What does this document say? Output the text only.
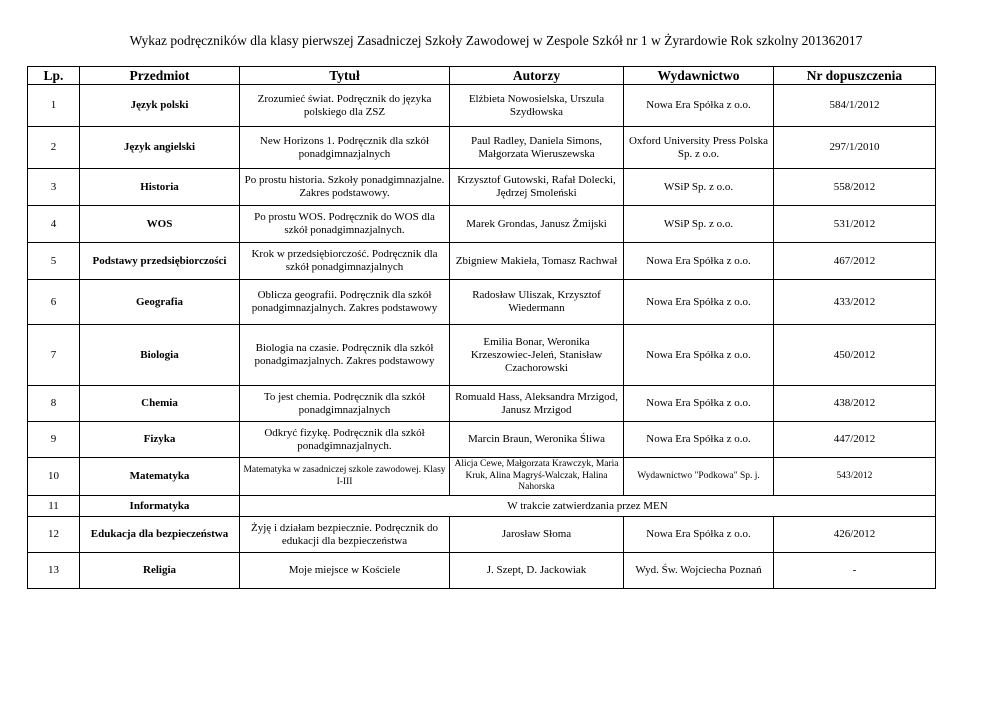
Wykaz podręczników dla klasy pierwszej Zasadniczej Szkoły Zawodowej w Zespole Szkół nr 1 w Żyrardowie Rok szkolny 201362017
Lp.	Przedmiot	Tytuł	Autorzy	Wydawnictwo	Nr dopuszczenia
1	Język polski	Zrozumieć świat. Podręcznik do języka polskiego dla ZSZ	Elżbieta Nowosielska, Urszula Szydłowska	Nowa Era Spółka z o.o.	584/1/2012
2	Język angielski	New Horizons 1. Podręcznik dla szkół ponadgimnazjalnych	Paul Radley, Daniela Simons, Małgorzata Wieruszewska	Oxford University Press Polska Sp. z o.o.	297/1/2010
3	Historia	Po prostu historia. Szkoły ponadgimnazjalne. Zakres podstawowy.	Krzysztof Gutowski, Rafał Dolecki, Jędrzej Smoleński	WSiP Sp. z o.o.	558/2012
4	WOS	Po prostu WOS. Podręcznik do WOS dla szkół ponadgimnazjalnych.	Marek Grondas, Janusz Żmijski	WSiP Sp. z o.o.	531/2012
5	Podstawy przedsiębiorczości	Krok w przedsiębiorczość. Podręcznik dla szkół ponadgimnazjalnych	Zbigniew Makieła, Tomasz Rachwał	Nowa Era Spółka z o.o.	467/2012
6	Geografia	Oblicza geografii. Podręcznik dla szkół ponadgimnazjalnych. Zakres podstawowy	Radosław Uliszak, Krzysztof Wiedermann	Nowa Era Spółka z o.o.	433/2012
7	Biologia	Biologia na czasie. Podręcznik dla szkół ponadgimazjalnych. Zakres podstawowy	Emilia Bonar, Weronika Krzeszowiec-Jeleń, Stanisław Czachorowski	Nowa Era Spółka z o.o.	450/2012
8	Chemia	To jest chemia. Podręcznik dla szkół ponadgimnazjalnych	Romuald Hass, Aleksandra Mrzigod, Janusz Mrzigod	Nowa Era Spółka z o.o.	438/2012
9	Fizyka	Odkryć fizykę. Podręcznik dla szkół ponadgimnazjalnych.	Marcin Braun, Weronika Śliwa	Nowa Era Spółka z o.o.	447/2012
10	Matematyka	Matematyka w zasadniczej szkole zawodowej. Klasy I-III	Alicja Cewe, Małgorzata Krawczyk, Maria Kruk, Alina Magryś-Walczak, Halina Nahorska	Wydawnictwo "Podkowa" Sp. j.	543/2012
11	Informatyka	W trakcie zatwierdzania przez MEN			
12	Edukacja dla bezpieczeństwa	Żyję i działam bezpiecznie. Podręcznik do edukacji dla bezpieczeństwa	Jarosław Słoma	Nowa Era Spółka z o.o.	426/2012
13	Religia	Moje miejsce w Kościele	J. Szept, D. Jackowiak	Wyd. Św. Wojciecha Poznań	-
